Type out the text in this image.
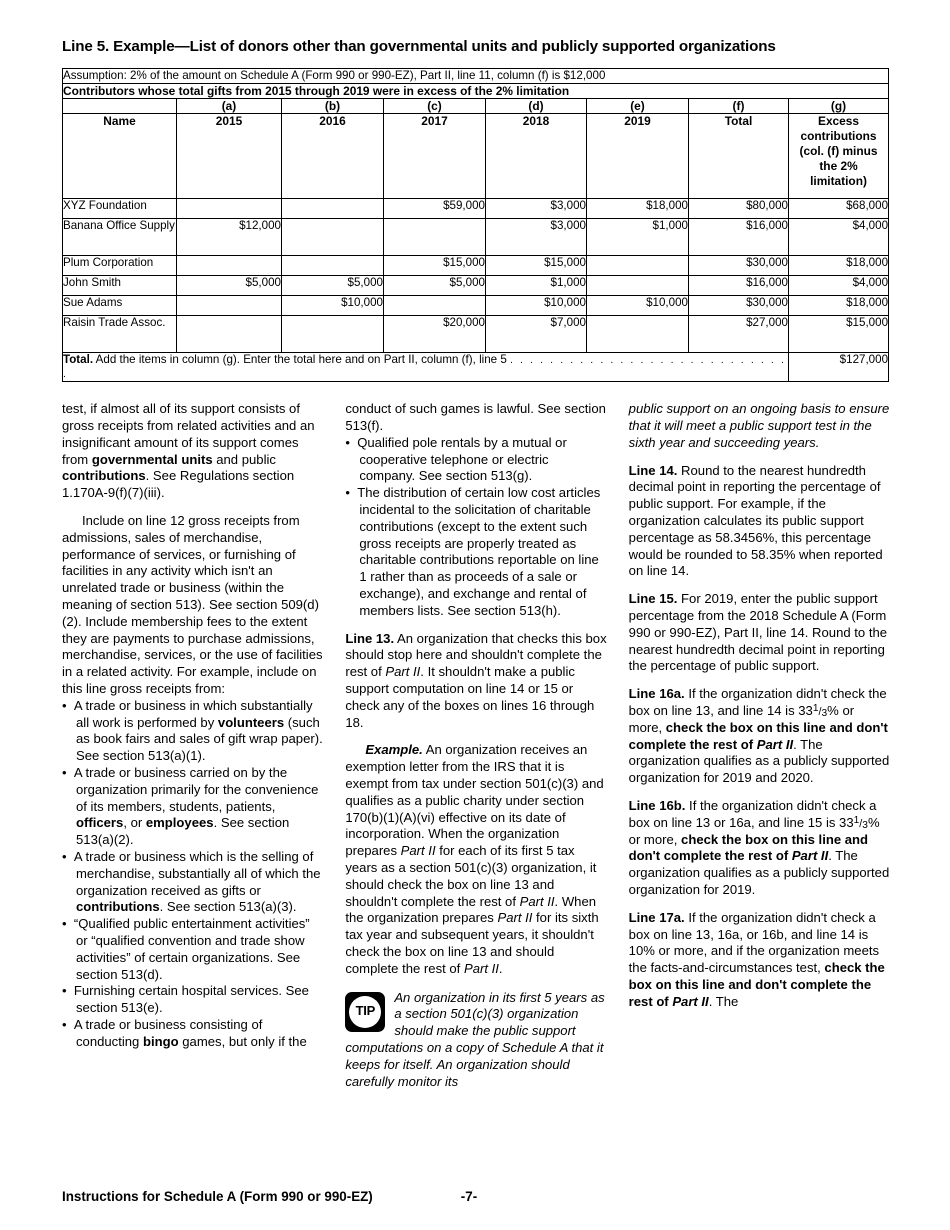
Line 5. Example—List of donors other than governmental units and publicly supported organizations
Assumption: 2% of the amount on Schedule A (Form 990 or 990-EZ), Part II, line 11, column (f) is $12,000							
Contributors whose total gifts from 2015 through 2019 were in excess of the 2% limitation							
	(a)	(b)	(c)	(d)	(e)	(f)	(g)
Name	2015	2016	2017	2018	2019	Total	Excess
contributions
(col. (f) minus
the 2%
limitation)
XYZ Foundation			$59,000	$3,000	$18,000	$80,000	$68,000
Banana Office Supply	$12,000			$3,000	$1,000	$16,000	$4,000
Plum Corporation			$15,000	$15,000		$30,000	$18,000
John Smith	$5,000	$5,000	$5,000	$1,000		$16,000	$4,000
Sue Adams		$10,000		$10,000	$10,000	$30,000	$18,000
Raisin Trade Assoc.			$20,000	$7,000		$27,000	$15,000
Total. Add the items in column (g). Enter the total here and on Part II, column (f), line 5 . . . . . . . . . . . . . . . . . . . . . . . . . . . . .							$127,000

test, if almost all of its support consists of gross receipts from related activities and an insignificant amount of its support comes from governmental units and public contributions. See Regulations section 1.170A-9(f)(7)(iii).

Include on line 12 gross receipts from admissions, sales of merchandise, performance of services, or furnishing of facilities in any activity which isn't an unrelated trade or business (within the meaning of section 513). See section 509(d)(2). Include membership fees to the extent they are payments to purchase admissions, merchandise, services, or the use of facilities in a related activity. For example, include on this line gross receipts from:

•  A trade or business in which substantially all work is performed by volunteers (such as book fairs and sales of gift wrap paper). See section 513(a)(1).

•  A trade or business carried on by the organization primarily for the convenience of its members, students, patients, officers, or employees. See section 513(a)(2).

•  A trade or business which is the selling of merchandise, substantially all of which the organization received as gifts or contributions. See section 513(a)(3).

•  “Qualified public entertainment activities” or “qualified convention and trade show activities” of certain organizations. See section 513(d).

•  Furnishing certain hospital services. See section 513(e).

•  A trade or business consisting of conducting bingo games, but only if the

conduct of such games is lawful. See section 513(f).

•  Qualified pole rentals by a mutual or cooperative telephone or electric company. See section 513(g).

•  The distribution of certain low cost articles incidental to the solicitation of charitable contributions (except to the extent such gross receipts are properly treated as charitable contributions reportable on line 1 rather than as proceeds of a sale or exchange), and exchange and rental of members lists. See section 513(h).

Line 13. An organization that checks this box should stop here and shouldn't complete the rest of Part II. It shouldn't make a public support computation on line 14 or 15 or check any of the boxes on lines 16 through 18.

Example. An organization receives an exemption letter from the IRS that it is exempt from tax under section 501(c)(3) and qualifies as a public charity under section 170(b)(1)(A)(vi) effective on its date of incorporation. When the organization prepares Part II for each of its first 5 tax years as a section 501(c)(3) organization, it should check the box on line 13 and shouldn't complete the rest of Part II. When the organization prepares Part II for its sixth tax year and subsequent years, it shouldn't check the box on line 13 and should complete the rest of Part II.

TIP

An organization in its first 5 years as a section 501(c)(3) organization should make the public support computations on a copy of Schedule A that it keeps for itself. An organization should carefully monitor its

public support on an ongoing basis to ensure that it will meet a public support test in the sixth year and succeeding years.

Line 14. Round to the nearest hundredth decimal point in reporting the percentage of public support. For example, if the organization calculates its public support percentage as 58.3456%, this percentage would be rounded to 58.35% when reported on line 14.

Line 15. For 2019, enter the public support percentage from the 2018 Schedule A (Form 990 or 990-EZ), Part II, line 14. Round to the nearest hundredth decimal point in reporting the percentage of public support.

Line 16a. If the organization didn't check the box on line 13, and line 14 is $33^1/_3\%$ or more, check the box on this line and don't complete the rest of Part II. The organization qualifies as a publicly supported organization for 2019 and 2020.

Line 16b. If the organization didn't check a box on line 13 or 16a, and line 15 is $33^1/_3\%$ or more, check the box on this line and don't complete the rest of Part II. The organization qualifies as a publicly supported organization for 2019.

Line 17a. If the organization didn't check a box on line 13, 16a, or 16b, and line 14 is 10% or more, and if the organization meets the facts-and-circumstances test, check the box on this line and don't complete the rest of Part II. The

Instructions for Schedule A (Form 990 or 990-EZ)	-7-
